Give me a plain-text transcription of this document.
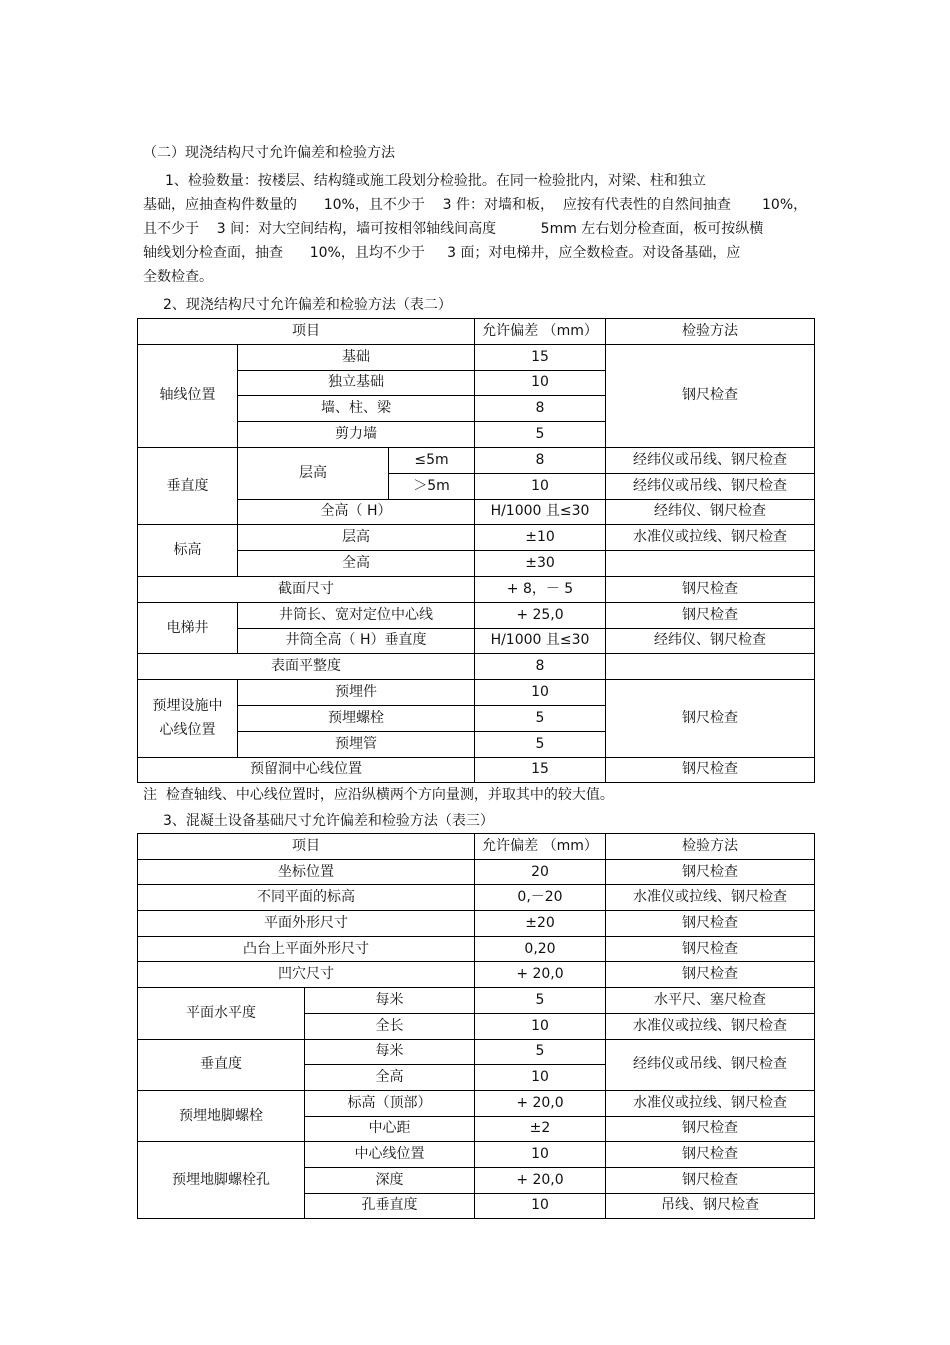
（二）现浇结构尺寸允许偏差和检验方法
1、检验数量：按楼层、结构缝或施工段划分检验批。在同一检验批内，对梁、柱和独立
基础，应抽查构件数量的      10%，且不少于    3 件：对墙和板，  应按有代表性的自然间抽查       10%，
且不少于    3 间：对大空间结构，墙可按相邻轴线间高度          5mm 左右划分检查面，板可按纵横
轴线划分检查面，抽查      10%，且均不少于     3 面；对电梯井，应全数检查。对设备基础，应
全数检查。
2、现浇结构尺寸允许偏差和检验方法（表二）
项目			允许偏差 （mm）	检验方法
轴线位置	基础		15	钢尺检查
	独立基础		10	
	墙、柱、梁		8	
	剪力墙		5	
垂直度	层高	≤5m	8	经纬仪或吊线、钢尺检查
		＞5m	10	经纬仪或吊线、钢尺检查
	全高（ H）		H/1000 且≤30	经纬仪、钢尺检查
标高	层高		±10	水准仪或拉线、钢尺检查
	全高		±30	
截面尺寸			+ 8，－ 5	钢尺检查
电梯井	井筒长、宽对定位中心线		+ 25,0	钢尺检查
	井筒全高（ H）垂直度		H/1000 且≤30	经纬仪、钢尺检查
表面平整度			8	

预埋设施中
心线位置	预埋件		10	钢尺检查
	预埋螺栓		5	
	预埋管		5	
预留洞中心线位置			15	钢尺检查
注  检查轴线、中心线位置时，应沿纵横两个方向量测，并取其中的较大值。
3、混凝土设备基础尺寸允许偏差和检验方法（表三）
项目		允许偏差 （mm）	检验方法
坐标位置		20	钢尺检查
不同平面的标高		0,－20	水准仪或拉线、钢尺检查
平面外形尺寸		±20	钢尺检查
凸台上平面外形尺寸		0,20	钢尺检查
凹穴尺寸		+ 20,0	钢尺检查
平面水平度	每米	5	水平尺、塞尺检查
	全长	10	水准仪或拉线、钢尺检查
垂直度	每米	5	经纬仪或吊线、钢尺检查
	全高	10	
预埋地脚螺栓	标高（顶部）	+ 20,0	水准仪或拉线、钢尺检查
	中心距	±2	钢尺检查
预埋地脚螺栓孔	中心线位置	10	钢尺检查
	深度	+ 20,0	钢尺检查
	孔垂直度	10	吊线、钢尺检查
